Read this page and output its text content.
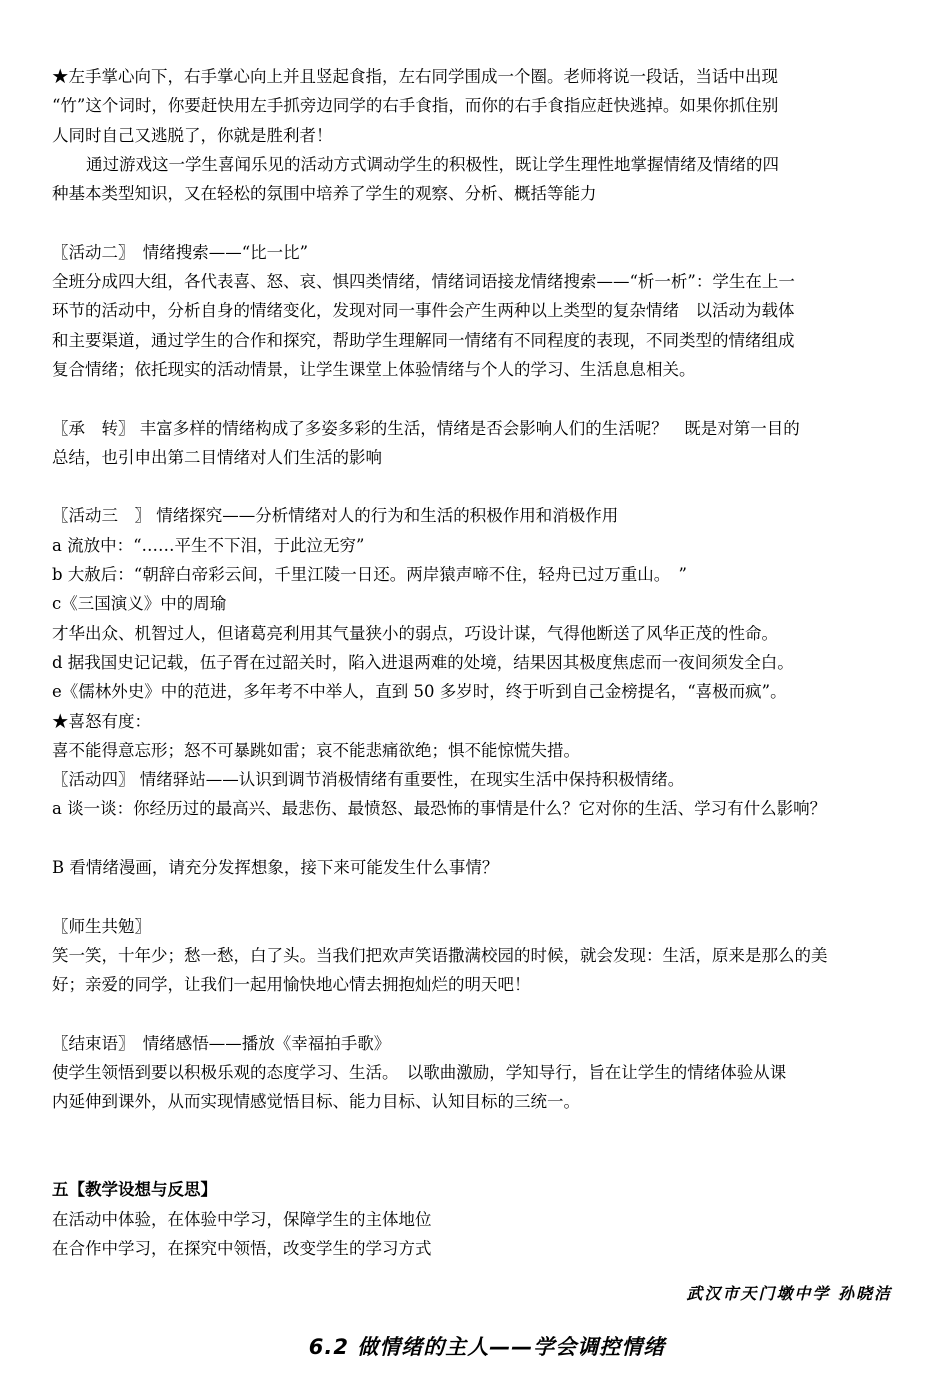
★左手掌心向下，右手掌心向上并且竖起食指，左右同学围成一个圈。老师将说一段话，当话中出现

“竹”这个词时，你要赶快用左手抓旁边同学的右手食指，而你的右手食指应赶快逃掉。如果你抓住别

人同时自己又逃脱了，你就是胜利者！

通过游戏这一学生喜闻乐见的活动方式调动学生的积极性，既让学生理性地掌握情绪及情绪的四

种基本类型知识，又在轻松的氛围中培养了学生的观察、分析、概括等能力

〖活动二〗　情绪搜索——“比一比”

全班分成四大组，各代表喜、怒、哀、惧四类情绪，情绪词语接龙情绪搜索——“析一析”：学生在上一

环节的活动中，分析自身的情绪变化，发现对同一事件会产生两种以上类型的复杂情绪　以活动为载体

和主要渠道，通过学生的合作和探究，帮助学生理解同一情绪有不同程度的表现，不同类型的情绪组成

复合情绪；依托现实的活动情景，让学生课堂上体验情绪与个人的学习、生活息息相关。

〖承　转〗 丰富多样的情绪构成了多姿多彩的生活，情绪是否会影响人们的生活呢？　既是对第一目的

总结，也引申出第二目情绪对人们生活的影响

〖活动三　〗 情绪探究——分析情绪对人的行为和生活的积极作用和消极作用

a 流放中：“……平生不下泪，于此泣无穷”

b 大赦后：“朝辞白帝彩云间，千里江陵一日还。两岸猿声啼不住，轻舟已过万重山。　”

c《三国演义》中的周瑜

才华出众、机智过人，但诸葛亮利用其气量狭小的弱点，巧设计谋，气得他断送了风华正茂的性命。

d 据我国史记记载，伍子胥在过韶关时，陷入进退两难的处境，结果因其极度焦虑而一夜间须发全白。

e《儒林外史》中的范进，多年考不中举人，直到 50 多岁时，终于听到自己金榜提名，“喜极而疯”。

★喜怒有度：

喜不能得意忘形；怒不可暴跳如雷；哀不能悲痛欲绝；惧不能惊慌失措。

〖活动四〗 情绪驿站——认识到调节消极情绪有重要性，在现实生活中保持积极情绪。

a 谈一谈：你经历过的最高兴、最悲伤、最愤怒、最恐怖的事情是什么？它对你的生活、学习有什么影响？

B 看情绪漫画，请充分发挥想象，接下来可能发生什么事情？

〖师生共勉〗

笑一笑，十年少；愁一愁，白了头。当我们把欢声笑语撒满校园的时候，就会发现：生活，原来是那么的美

好；亲爱的同学，让我们一起用愉快地心情去拥抱灿烂的明天吧！

〖结束语〗　情绪感悟——播放《幸福拍手歌》

使学生领悟到要以积极乐观的态度学习、生活。　以歌曲激励，学知导行，旨在让学生的情绪体验从课

内延伸到课外，从而实现情感觉悟目标、能力目标、认知目标的三统一。

五【教学设想与反思】

在活动中体验，在体验中学习，保障学生的主体地位

在合作中学习，在探究中领悟，改变学生的学习方式

武汉市天门墩中学 孙晓洁

6.2 做情绪的主人——学会调控情绪
